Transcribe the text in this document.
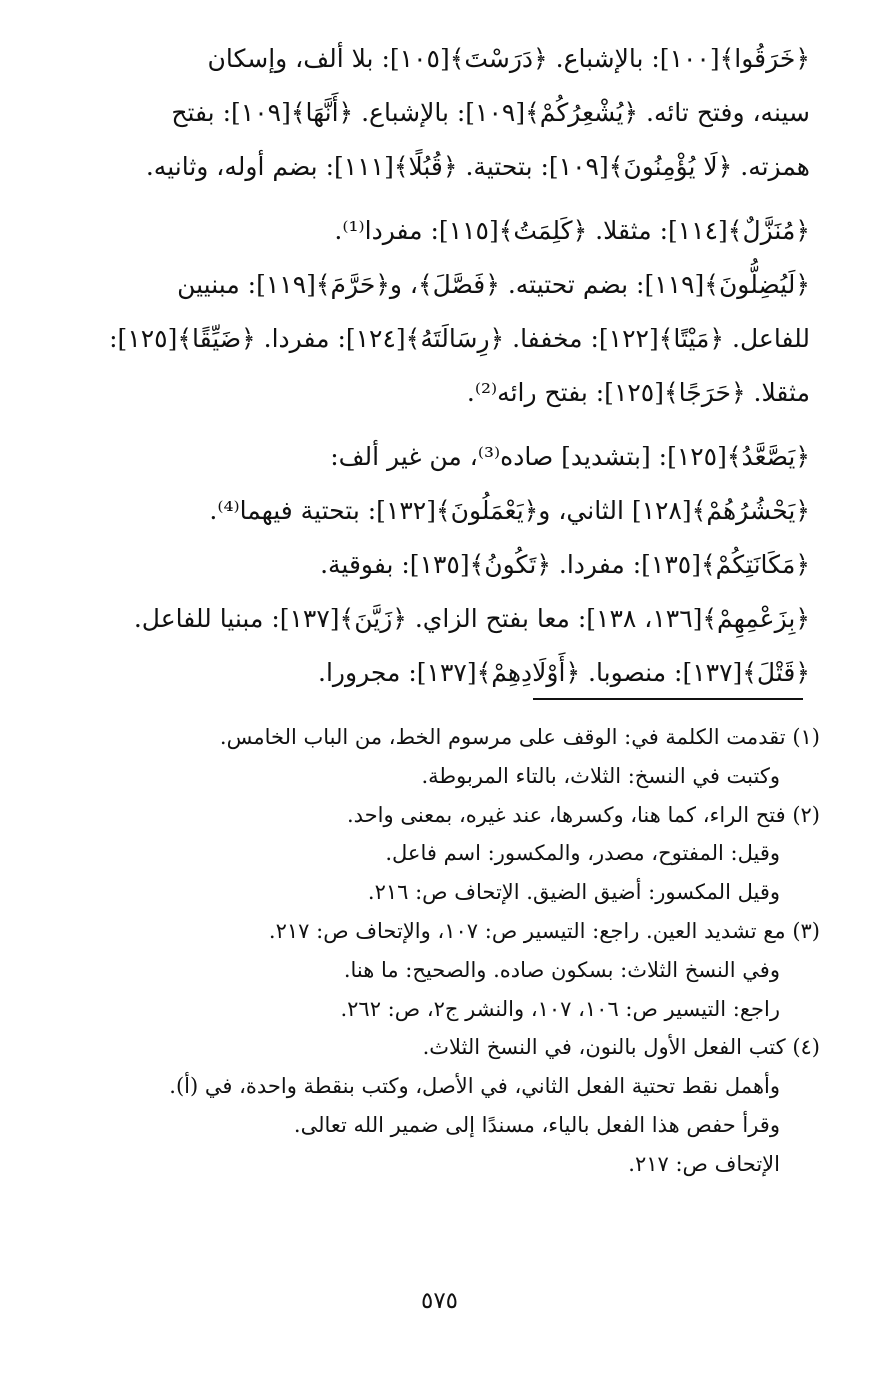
﴿خَرَقُوا﴾[١٠٠]: بالإشباع. ﴿دَرَسْتَ﴾[١٠٥]: بلا ألف، وإسكان
سينه، وفتح تائه. ﴿يُشْعِرُكُمْ﴾[١٠٩]: بالإشباع. ﴿أَنَّهَا﴾[١٠٩]: بفتح
همزته. ﴿لَا يُؤْمِنُونَ﴾[١٠٩]: بتحتية. ﴿قُبُلًا﴾[١١١]: بضم أوله، وثانيه.
﴿مُنَزَّلٌ﴾[١١٤]: مثقلا. ﴿كَلِمَتُ﴾[١١٥]: مفردا⁽¹⁾.
﴿لَيُضِلُّونَ﴾[١١٩]: بضم تحتيته. ﴿فَصَّلَ﴾، و﴿حَرَّمَ﴾[١١٩]: مبنيين
للفاعل. ﴿مَيْتًا﴾[١٢٢]: مخففا. ﴿رِسَالَتَهُ﴾[١٢٤]: مفردا. ﴿ضَيِّقًا﴾[١٢٥]:
مثقلا. ﴿حَرَجًا﴾[١٢٥]: بفتح رائه⁽²⁾.
﴿يَصَّعَّدُ﴾[١٢٥]: [بتشديد] صاده⁽³⁾، من غير ألف:
﴿يَحْشُرُهُمْ﴾[١٢٨] الثاني، و﴿يَعْمَلُونَ﴾[١٣٢]: بتحتية فيهما⁽⁴⁾.
﴿مَكَانَتِكُمْ﴾[١٣٥]: مفردا. ﴿تَكُونُ﴾[١٣٥]: بفوقية.
﴿بِزَعْمِهِمْ﴾[١٣٦، ١٣٨]: معا بفتح الزاي. ﴿زَيَّنَ﴾[١٣٧]: مبنيا للفاعل.
﴿قَتْلَ﴾[١٣٧]: منصوبا. ﴿أَوْلَادِهِمْ﴾[١٣٧]: مجرورا.
(١) تقدمت الكلمة في: الوقف على مرسوم الخط، من الباب الخامس.
وكتبت في النسخ: الثلاث، بالتاء المربوطة.
(٢) فتح الراء، كما هنا، وكسرها، عند غيره، بمعنى واحد.
وقيل: المفتوح، مصدر، والمكسور: اسم فاعل.
وقيل المكسور: أضيق الضيق. الإتحاف ص: ٢١٦.
(٣) مع تشديد العين. راجع: التيسير ص: ١٠٧، والإتحاف ص: ٢١٧.
وفي النسخ الثلاث: بسكون صاده. والصحيح: ما هنا.
راجع: التيسير ص: ١٠٦، ١٠٧، والنشر ج٢، ص: ٢٦٢.
(٤) كتب الفعل الأول بالنون، في النسخ الثلاث.
وأهمل نقط تحتية الفعل الثاني، في الأصل، وكتب بنقطة واحدة، في (أ).
وقرأ حفص هذا الفعل بالياء، مسندًا إلى ضمير الله تعالى.
الإتحاف ص: ٢١٧.
٥٧٥
